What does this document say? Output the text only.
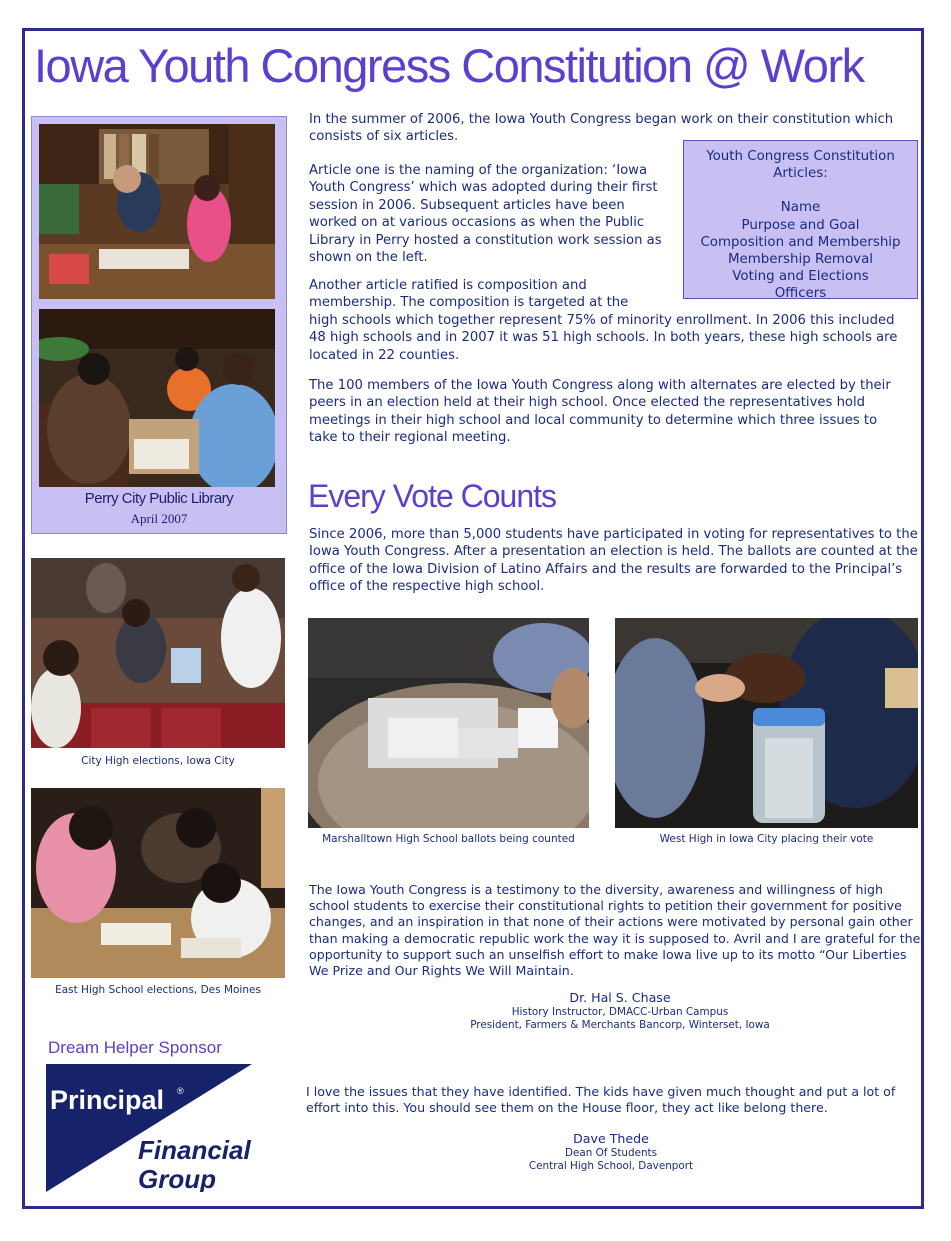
Iowa Youth Congress Constitution @ Work
Perry City Public Library
April 2007

In the summer of 2006, the Iowa Youth Congress began work on their constitution which consists of six articles.

Article one is the naming of the organization: ‘Iowa Youth Congress’ which was adopted during their first session in 2006. Subsequent articles have been worked on at various occasions as when the Public Library in Perry hosted a constitution work session as shown on the left.

Another article ratified is composition and membership. The composition is targeted at the

high schools which together represent 75% of minority enrollment. In 2006 this included 48 high schools and in 2007 it was 51 high schools. In both years, these high schools are located in 22 counties.

The 100 members of the Iowa Youth Congress along with alternates are elected by their peers in an election held at their high school. Once elected the representatives hold meetings in their high school and local community to determine which three issues to take to their regional meeting.

Youth Congress Constitution Articles:
Name
Purpose and Goal
Composition and Membership
Membership Removal
Voting and Elections
Officers
Every Vote Counts

Since 2006, more than 5,000 students have participated in voting for representatives to the Iowa Youth Congress. After a presentation an election is held. The ballots are counted at the office of the Iowa Division of Latino Affairs and the results are forwarded to the Principal’s office of the respective high school.

City High elections, Iowa City
East High School elections, Des Moines
Marshalltown High School ballots being counted	West High in Iowa City placing their vote

The Iowa Youth Congress is a testimony to the diversity, awareness and willingness of high school students to exercise their constitutional rights to petition their government for positive changes, and an inspiration in that none of their actions were motivated by personal gain other than making a democratic republic work the way it is supposed to. Avril and I are grateful for the opportunity to support such an unselfish effort to make Iowa live up to its motto “Our Liberties We Prize and Our Rights We Will Maintain.

Dr. Hal S. Chase
History Instructor, DMACC-Urban Campus
President, Farmers & Merchants Bancorp, Winterset, Iowa

I love the issues that they have identified. The kids have given much thought and put a lot of effort into this. You should see them on the House floor, they act like belong there.

Dave Thede
Dean Of Students
Central High School, Davenport
Dream Helper Sponsor
Principal ®
Financial
Group
